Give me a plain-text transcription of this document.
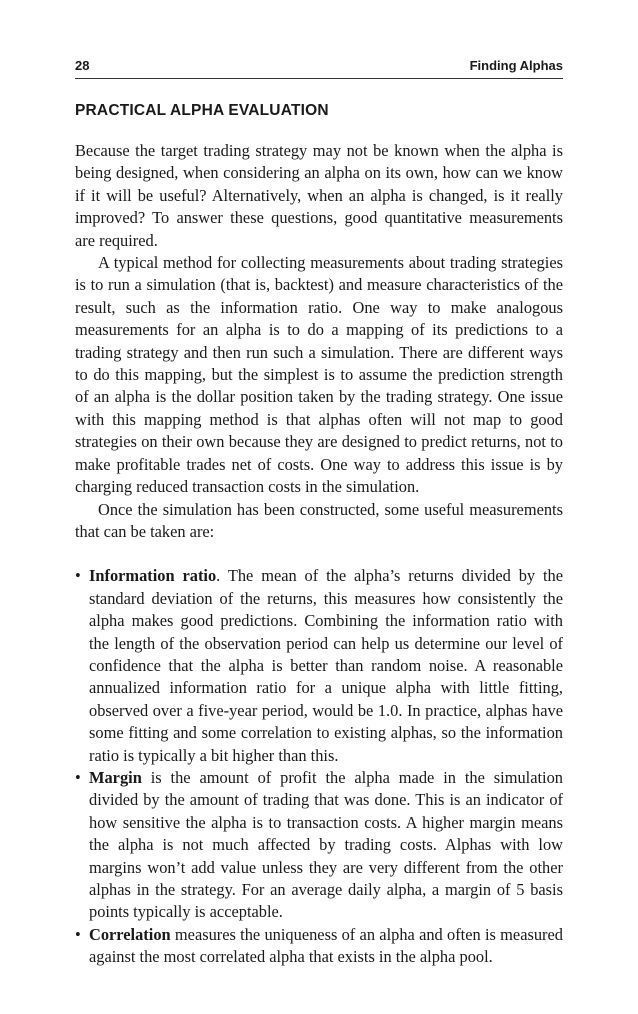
28	Finding Alphas
PRACTICAL ALPHA EVALUATION

Because the target trading strategy may not be known when the alpha is being designed, when considering an alpha on its own, how can we know if it will be useful? Alternatively, when an alpha is changed, is it really improved? To answer these questions, good quantitative measurements are required.

A typical method for collecting measurements about trading strategies is to run a simulation (that is, backtest) and measure characteristics of the result, such as the information ratio. One way to make analogous measurements for an alpha is to do a mapping of its predictions to a trading strategy and then run such a simulation. There are different ways to do this mapping, but the simplest is to assume the prediction strength of an alpha is the dollar position taken by the trading strategy. One issue with this mapping method is that alphas often will not map to good strategies on their own because they are designed to predict returns, not to make profitable trades net of costs. One way to address this issue is by charging reduced transaction costs in the simulation.

Once the simulation has been constructed, some useful measurements that can be taken are:

• Information ratio. The mean of the alpha’s returns divided by the standard deviation of the returns, this measures how consistently the alpha makes good predictions. Combining the information ratio with the length of the observation period can help us determine our level of confidence that the alpha is better than random noise. A reasonable annualized information ratio for a unique alpha with little fitting, observed over a five-year period, would be 1.0. In practice, alphas have some fitting and some correlation to existing alphas, so the information ratio is typically a bit higher than this.
• Margin is the amount of profit the alpha made in the simulation divided by the amount of trading that was done. This is an indicator of how sensitive the alpha is to transaction costs. A higher margin means the alpha is not much affected by trading costs. Alphas with low margins won’t add value unless they are very different from the other alphas in the strategy. For an average daily alpha, a margin of 5 basis points typically is acceptable.
• Correlation measures the uniqueness of an alpha and often is measured against the most correlated alpha that exists in the alpha pool.
